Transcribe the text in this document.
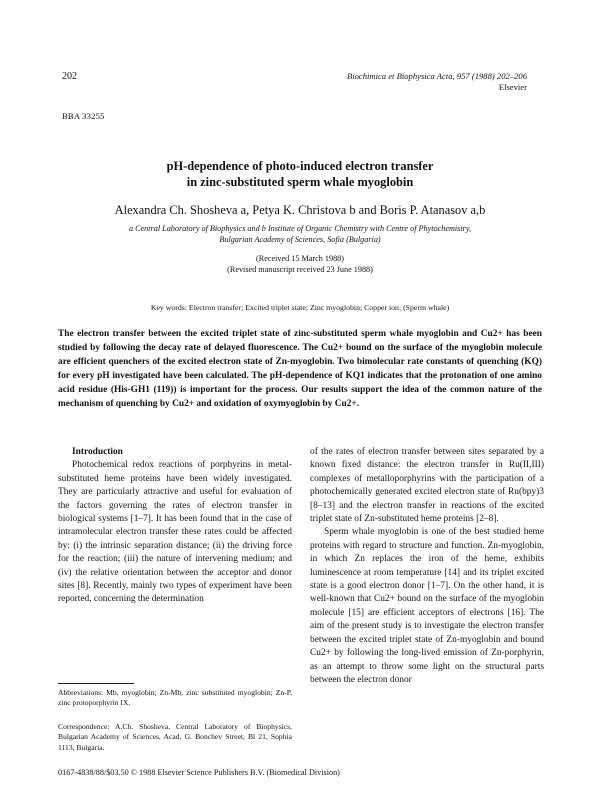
202	Biochimica et Biophysica Acta, 957 (1988) 202–206
Elsevier
BBA 33255
pH-dependence of photo-induced electron transfer
in zinc-substituted sperm whale myoglobin
Alexandra Ch. Shosheva a, Petya K. Christova b and Boris P. Atanasov a,b
a Central Laboratory of Biophysics and b Institute of Organic Chemistry with Centre of Phytochemistry,
Bulgarian Academy of Sciences, Sofia (Bulgaria)
(Received 15 March 1988)
(Revised manuscript received 23 June 1988)
Key words: Electron transfer; Excited triplet state; Zinc myoglobin; Copper ion; (Sperm whale)
The electron transfer between the excited triplet state of zinc-substituted sperm whale myoglobin and Cu2+ has been studied by following the decay rate of delayed fluorescence. The Cu2+ bound on the surface of the myoglobin molecule are efficient quenchers of the excited electron state of Zn-myoglobin. Two bimolecular rate constants of quenching (KQ) for every pH investigated have been calculated. The pH-dependence of KQ1 indicates that the protonation of one amino acid residue (His-GH1 (119)) is important for the process. Our results support the idea of the common nature of the mechanism of quenching by Cu2+ and oxidation of oxymyoglobin by Cu2+.

Introduction

Photochemical redox reactions of porphyrins in metal-substituted heme proteins have been widely investigated. They are particularly attractive and useful for evaluation of the factors governing the rates of electron transfer in biological systems [1–7]. It has been found that in the case of intramolecular electron transfer these rates could be affected by: (i) the intrinsic separation distance; (ii) the driving force for the reaction; (iii) the nature of intervening medium; and (iv) the relative orientation between the acceptor and donor sites [8]. Recently, mainly two types of experiment have been reported, concerning the determination

of the rates of electron transfer between sites separated by a known fixed distance: the electron transfer in Ru(II,III) complexes of metalloporphyrins with the participation of a photochemically generated excited electron state of Ru(bpy)3 [8–13] and the electron transfer in reactions of the excited triplet state of Zn-substituted heme proteins [2–8].

Sperm whale myoglobin is one of the best studied heme proteins with regard to structure and function. Zn-myoglobin, in which Zn replaces the iron of the heme, exhibits luminescence at room temperature [14] and its triplet excited state is a good electron donor [1–7]. On the other hand, it is well-known that Cu2+ bound on the surface of the myoglobin molecule [15] are efficient acceptors of electrons [16]. The aim of the present study is to investigate the electron transfer between the excited triplet state of Zn-myoglobin and bound Cu2+ by following the long-lived emission of Zn-porphyrin, as an attempt to throw some light on the structural parts between the electron donor

Abbreviations: Mb, myoglobin; Zn-Mb, zinc substituted myoglobin; Zn-P, zinc protoporphyrin IX.
Correspondence: A.Ch. Shosheva, Central Laboratory of Biophysics, Bulgarian Academy of Sciences, Acad. G. Bonchev Street, Bl 21, Sophia 1113, Bulgaria.
0167-4838/88/$03.50 © 1988 Elsevier Science Publishers B.V. (Biomedical Division)
